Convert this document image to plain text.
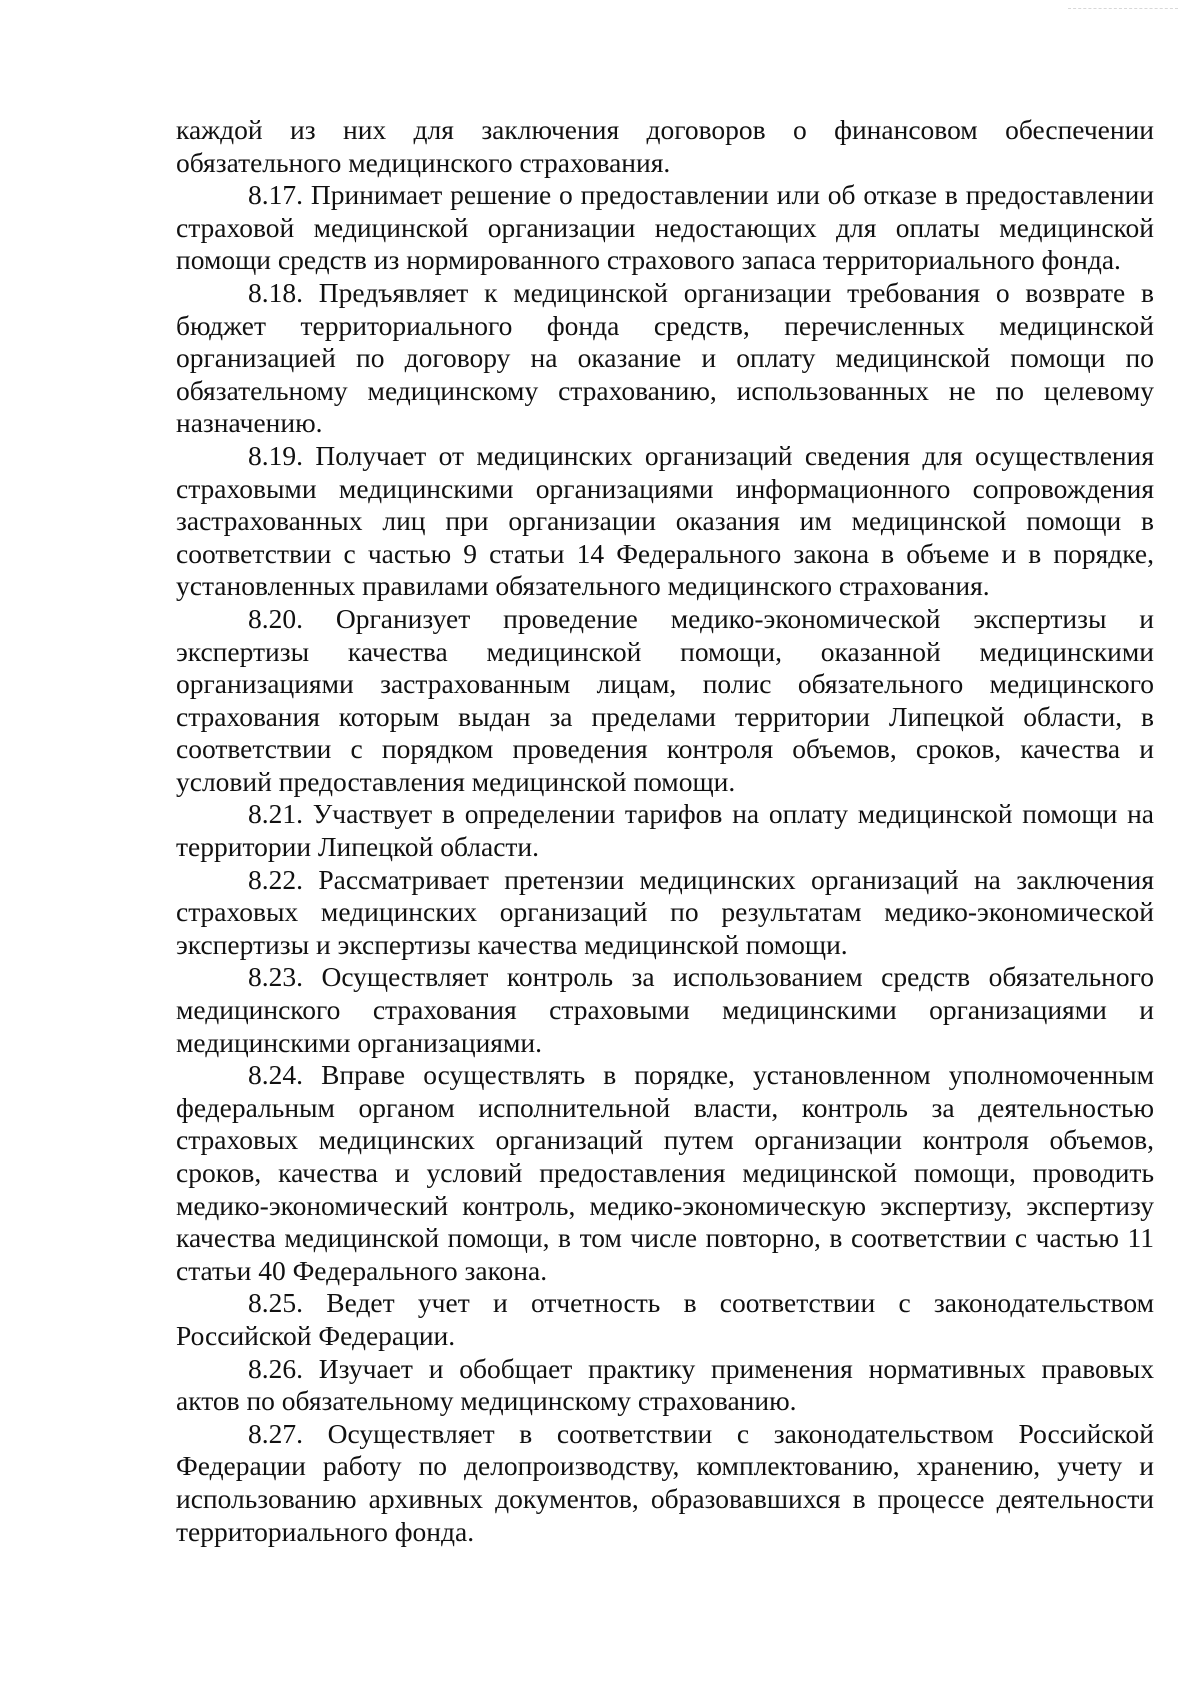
каждой из них для заключения договоров о финансовом обеспечении обязательного медицинского страхования.

8.17. Принимает решение о предоставлении или об отказе в предоставлении страховой медицинской организации недостающих для оплаты медицинской помощи средств из нормированного страхового запаса территориального фонда.

8.18. Предъявляет к медицинской организации требования о возврате в бюджет территориального фонда средств, перечисленных медицинской организацией по договору на оказание и оплату медицинской помощи по обязательному медицинскому страхованию, использованных не по целевому назначению.

8.19. Получает от медицинских организаций сведения для осуществления страховыми медицинскими организациями информационного сопровождения застрахованных лиц при организации оказания им медицинской помощи в соответствии с частью 9 статьи 14 Федерального закона в объеме и в порядке, установленных правилами обязательного медицинского страхования.

8.20. Организует проведение медико-экономической экспертизы и экспертизы качества медицинской помощи, оказанной медицинскими организациями застрахованным лицам, полис обязательного медицинского страхования которым выдан за пределами территории Липецкой области, в соответствии с порядком проведения контроля объемов, сроков, качества и условий предоставления медицинской помощи.

8.21. Участвует в определении тарифов на оплату медицинской помощи на территории Липецкой области.

8.22. Рассматривает претензии медицинских организаций на заключения страховых медицинских организаций по результатам медико-экономической экспертизы и экспертизы качества медицинской помощи.

8.23. Осуществляет контроль за использованием средств обязательного медицинского страхования страховыми медицинскими организациями и медицинскими организациями.

8.24. Вправе осуществлять в порядке, установленном уполномоченным федеральным органом исполнительной власти, контроль за деятельностью страховых медицинских организаций путем организации контроля объемов, сроков, качества и условий предоставления медицинской помощи, проводить медико-экономический контроль, медико-экономическую экспертизу, экспертизу качества медицинской помощи, в том числе повторно, в соответствии с частью 11 статьи 40 Федерального закона.

8.25. Ведет учет и отчетность в соответствии с законодательством Российской Федерации.

8.26. Изучает и обобщает практику применения нормативных правовых актов по обязательному медицинскому страхованию.

8.27. Осуществляет в соответствии с законодательством Российской Федерации работу по делопроизводству, комплектованию, хранению, учету и использованию архивных документов, образовавшихся в процессе деятельности территориального фонда.
